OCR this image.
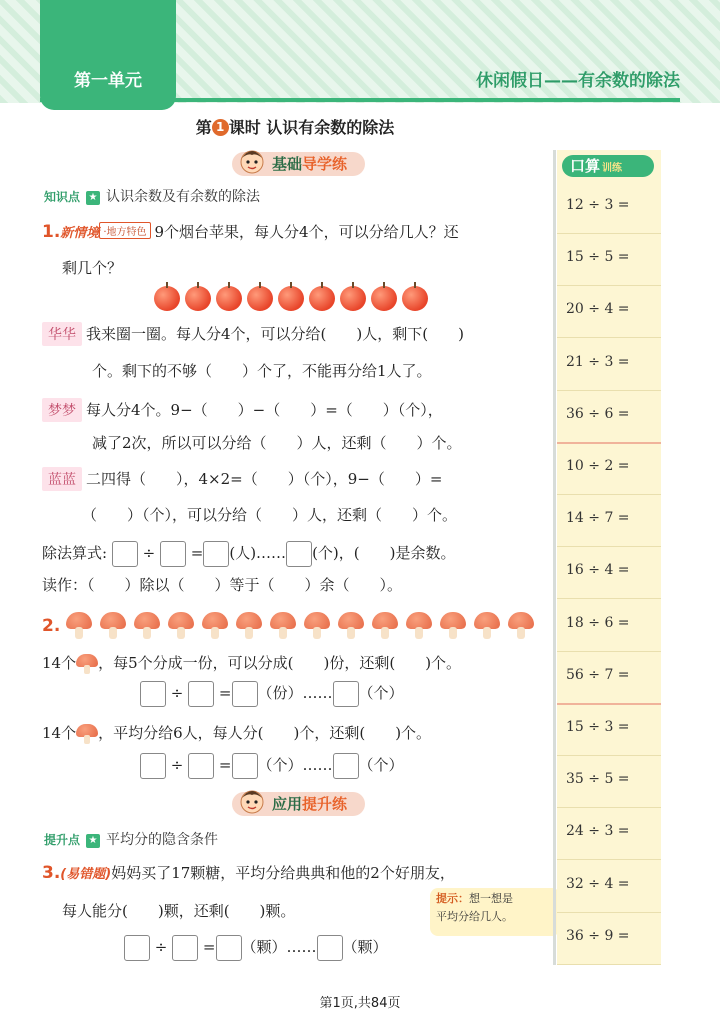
第一单元	休闲假日——有余数的除法
第 1 课时 认识有余数的除法
基础导学练
知识点 ★ 认识余数及有余数的除法
1.新情境 ·地方特色 9个烟台苹果，每人分4个，可以分给几人？还
剩几个？
华华 我来圈一圈。每人分4个，可以分给(　　)人，剩下(　　)
个。剩下的不够（　　）个了，不能再分给1人了。
梦梦 每人分4个。9−（　　）−（　　）=（　　）（个），
减了2次，所以可以分给（　　）人，还剩（　　）个。
蓝蓝 二四得（　　），4×2=（　　）（个），9−（　　）=
（　　）（个），可以分给（　　）人，还剩（　　）个。
除法算式: ÷ = (人)…… (个)，(　　)是余数。
读作：（　　）除以（　　）等于（　　）余（　　）。
2.
14个 ，每5个分成一份，可以分成(　　)份，还剩(　　)个。
÷ = （份）…… （个）
14个 ，平均分给6人，每人分(　　)个，还剩(　　)个。
÷ = （个）…… （个）
应用提升练
提升点 ★ 平均分的隐含条件
3.(易错题)妈妈买了17颗糖，平均分给典典和他的2个好朋友，
每人能分(　　)颗，还剩(　　)颗。
提示：想一想是
平均分给几人。
÷ = （颗）…… （颗）
口算 训练
第1页,共84页
12 ÷ 3 =
15 ÷ 5 =
20 ÷ 4 =
21 ÷ 3 =
36 ÷ 6 =
10 ÷ 2 =
14 ÷ 7 =
16 ÷ 4 =
18 ÷ 6 =
56 ÷ 7 =
15 ÷ 3 =
35 ÷ 5 =
24 ÷ 3 =
32 ÷ 4 =
36 ÷ 9 =
